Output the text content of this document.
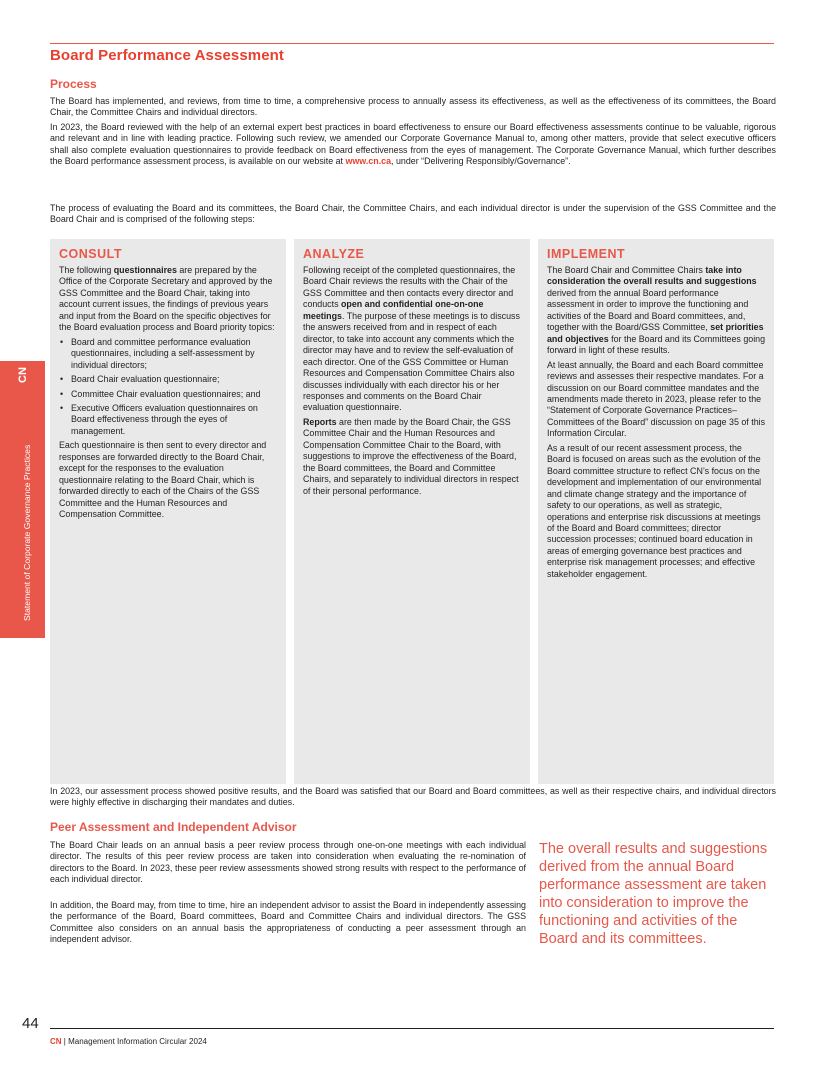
Board Performance Assessment
Process

The Board has implemented, and reviews, from time to time, a comprehensive process to annually assess its effectiveness, as well as the effectiveness of its committees, the Board Chair, the Committee Chairs and individual directors.

In 2023, the Board reviewed with the help of an external expert best practices in board effectiveness to ensure our Board effectiveness assessments continue to be valuable, rigorous and relevant and in line with leading practice. Following such review, we amended our Corporate Governance Manual to, among other matters, provide that select executive officers shall also complete evaluation questionnaires to provide feedback on Board effectiveness from the eyes of management. The Corporate Governance Manual, which further describes the Board performance assessment process, is available on our website at www.cn.ca, under “Delivering Responsibly/Governance”.

The process of evaluating the Board and its committees, the Board Chair, the Committee Chairs, and each individual director is under the supervision of the GSS Committee and the Board Chair and is comprised of the following steps:

CN
Statement of Corporate Governance Practices
CONSULT

The following questionnaires are prepared by the Office of the Corporate Secretary and approved by the GSS Committee and the Board Chair, taking into account current issues, the findings of previous years and input from the Board on the specific objectives for the Board evaluation process and Board priority topics:

• Board and committee performance evaluation questionnaires, including a self-assessment by individual directors;
• Board Chair evaluation questionnaire;
• Committee Chair evaluation questionnaires; and
• Executive Officers evaluation questionnaires on Board effectiveness through the eyes of management.

Each questionnaire is then sent to every director and responses are forwarded directly to the Board Chair, except for the responses to the evaluation questionnaire relating to the Board Chair, which is forwarded directly to each of the Chairs of the GSS Committee and the Human Resources and Compensation Committee.

ANALYZE

Following receipt of the completed questionnaires, the Board Chair reviews the results with the Chair of the GSS Committee and then contacts every director and conducts open and confidential one-on-one meetings. The purpose of these meetings is to discuss the answers received from and in respect of each director, to take into account any comments which the director may have and to review the self-evaluation of each director. One of the GSS Committee or Human Resources and Compensation Committee Chairs also discusses individually with each director his or her responses and comments on the Board Chair evaluation questionnaire.

Reports are then made by the Board Chair, the GSS Committee Chair and the Human Resources and Compensation Committee Chair to the Board, with suggestions to improve the effectiveness of the Board, the Board committees, the Board and Committee Chairs, and separately to individual directors in respect of their personal performance.

IMPLEMENT

The Board Chair and Committee Chairs take into consideration the overall results and suggestions derived from the annual Board performance assessment in order to improve the functioning and activities of the Board and Board committees, and, together with the Board/GSS Committee, set priorities and objectives for the Board and its Committees going forward in light of these results.

At least annually, the Board and each Board committee reviews and assesses their respective mandates. For a discussion on our Board committee mandates and the amendments made thereto in 2023, please refer to the “Statement of Corporate Governance Practices–Committees of the Board” discussion on page 35 of this Information Circular.

As a result of our recent assessment process, the Board is focused on areas such as the evolution of the Board committee structure to reflect CN’s focus on the development and implementation of our environmental and climate change strategy and the importance of safety to our operations, as well as strategic, operations and enterprise risk discussions at meetings of the Board and Board committees; director succession processes; continued board education in areas of emerging governance best practices and enterprise risk management processes; and effective stakeholder engagement.

In 2023, our assessment process showed positive results, and the Board was satisfied that our Board and Board committees, as well as their respective chairs, and individual directors were highly effective in discharging their mandates and duties.

Peer Assessment and Independent Advisor

The Board Chair leads on an annual basis a peer review process through one-on-one meetings with each individual director. The results of this peer review process are taken into consideration when evaluating the re-nomination of directors to the Board. In 2023, these peer review assessments showed strong results with respect to the performance of each individual director.

In addition, the Board may, from time to time, hire an independent advisor to assist the Board in independently assessing the performance of the Board, Board committees, Board and Committee Chairs and individual directors. The GSS Committee also considers on an annual basis the appropriateness of conducting a peer assessment through an independent advisor.

The overall results and suggestions derived from the annual Board performance assessment are taken into consideration to improve the functioning and activities of the Board and its committees.
44
CN | Management Information Circular 2024
